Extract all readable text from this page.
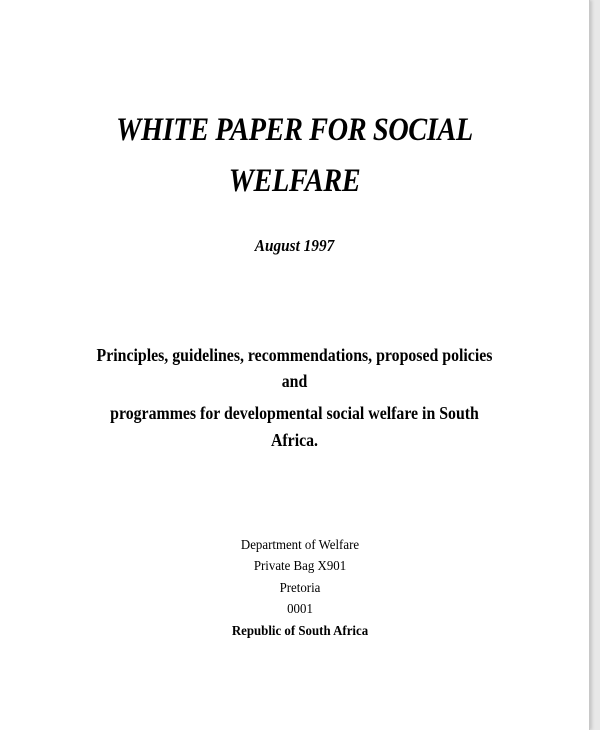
WHITE PAPER FOR SOCIAL
WELFARE
August 1997
Principles, guidelines, recommendations, proposed policies
and
programmes for developmental social welfare in South
Africa.
Department of Welfare
Private Bag X901
Pretoria
0001
Republic of South Africa
